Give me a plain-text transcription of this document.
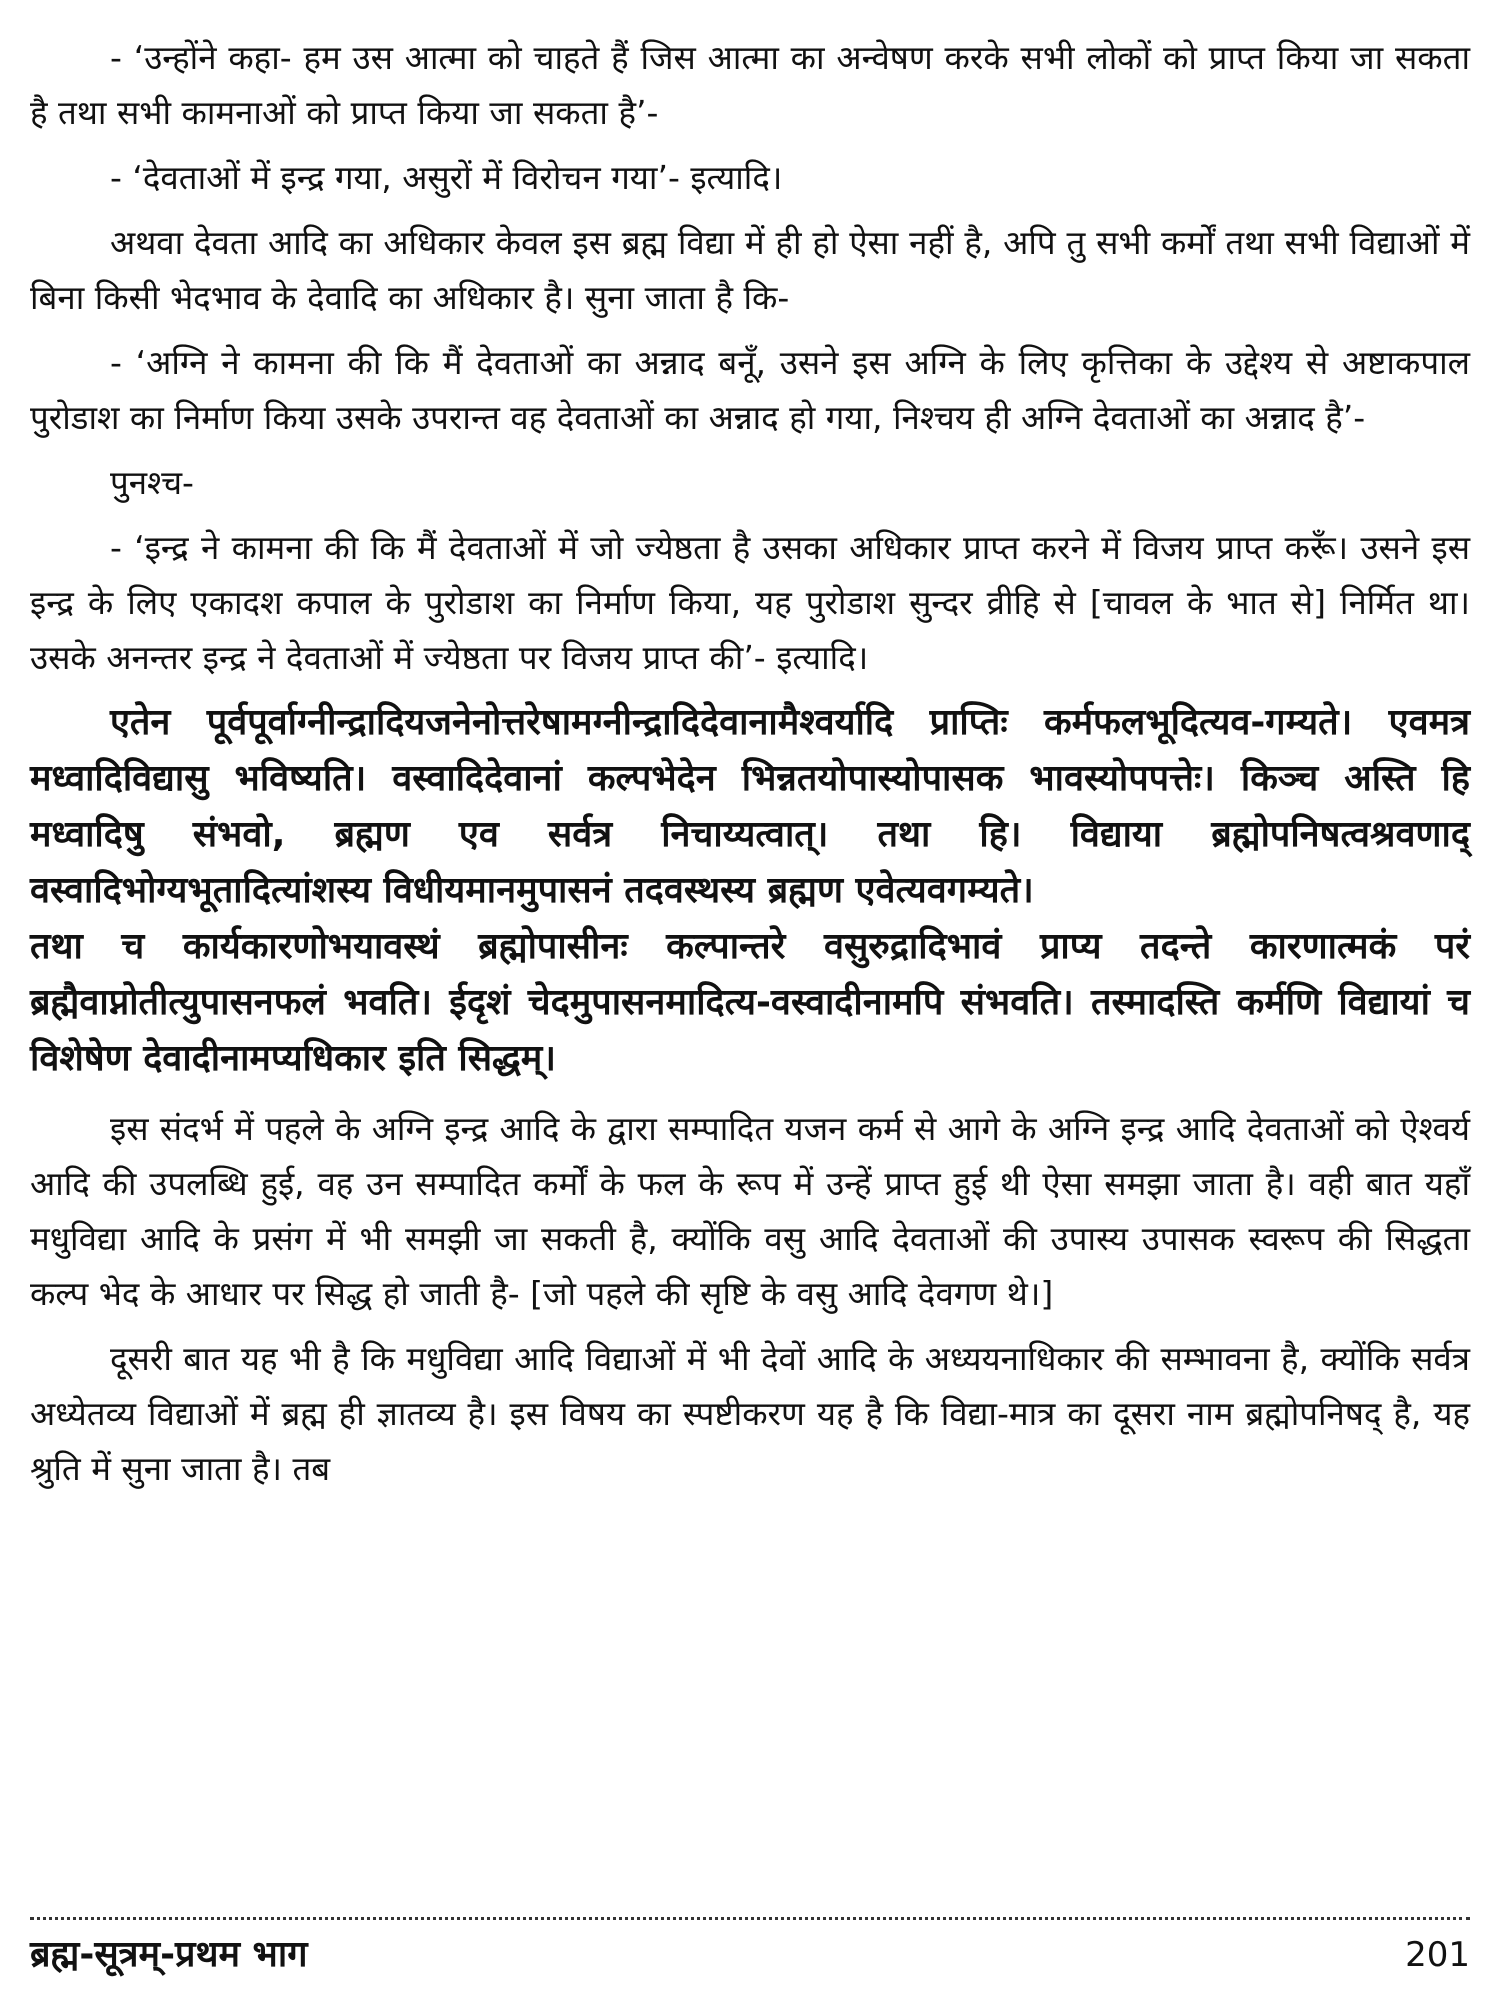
- ‘उन्होंने कहा- हम उस आत्मा को चाहते हैं जिस आत्मा का अन्वेषण करके सभी लोकों को प्राप्त किया जा सकता है तथा सभी कामनाओं को प्राप्त किया जा सकता है’-

- ‘देवताओं में इन्द्र गया, असुरों में विरोचन गया’- इत्यादि।

अथवा देवता आदि का अधिकार केवल इस ब्रह्म विद्या में ही हो ऐसा नहीं है, अपि तु सभी कर्मों तथा सभी विद्याओं में बिना किसी भेदभाव के देवादि का अधिकार है। सुना जाता है कि-

- ‘अग्नि ने कामना की कि मैं देवताओं का अन्नाद बनूँ, उसने इस अग्नि के लिए कृत्तिका के उद्देश्य से अष्टाकपाल पुरोडाश का निर्माण किया उसके उपरान्त वह देवताओं का अन्नाद हो गया, निश्चय ही अग्नि देवताओं का अन्नाद है’-

पुनश्च-

- ‘इन्द्र ने कामना की कि मैं देवताओं में जो ज्येष्ठता है उसका अधिकार प्राप्त करने में विजय प्राप्त करूँ। उसने इस इन्द्र के लिए एकादश कपाल के पुरोडाश का निर्माण किया, यह पुरोडाश सुन्दर व्रीहि से [चावल के भात से] निर्मित था। उसके अनन्तर इन्द्र ने देवताओं में ज्येष्ठता पर विजय प्राप्त की’- इत्यादि।

एतेन पूर्वपूर्वाग्नीन्द्रादियजनेनोत्तरेषामग्नीन्द्रादिदेवानामैश्वर्यादि प्राप्तिः कर्मफलभूदित्यव-गम्यते। एवमत्र मध्वादिविद्यासु भविष्यति। वस्वादिदेवानां कल्पभेदेन भिन्नतयोपास्योपासक भावस्योपपत्तेः। किञ्च अस्ति हि मध्वादिषु संभवो, ब्रह्मण एव सर्वत्र निचाय्यत्वात्। तथा हि। विद्याया ब्रह्मोपनिषत्वश्रवणाद् वस्वादिभोग्यभूतादित्यांशस्य विधीयमानमुपासनं तदवस्थस्य ब्रह्मण एवेत्यवगम्यते।

तथा च कार्यकारणोभयावस्थं ब्रह्मोपासीनः कल्पान्तरे वसुरुद्रादिभावं प्राप्य तदन्ते कारणात्मकं परं ब्रह्मैवाप्नोतीत्युपासनफलं भवति। ईदृशं चेदमुपासनमादित्य-वस्वादीनामपि संभवति। तस्मादस्ति कर्मणि विद्यायां च विशेषेण देवादीनामप्यधिकार इति सिद्धम्।

इस संदर्भ में पहले के अग्नि इन्द्र आदि के द्वारा सम्पादित यजन कर्म से आगे के अग्नि इन्द्र आदि देवताओं को ऐश्वर्य आदि की उपलब्धि हुई, वह उन सम्पादित कर्मों के फल के रूप में उन्हें प्राप्त हुई थी ऐसा समझा जाता है। वही बात यहाँ मधुविद्या आदि के प्रसंग में भी समझी जा सकती है, क्योंकि वसु आदि देवताओं की उपास्य उपासक स्वरूप की सिद्धता कल्प भेद के आधार पर सिद्ध हो जाती है- [जो पहले की सृष्टि के वसु आदि देवगण थे।]

दूसरी बात यह भी है कि मधुविद्या आदि विद्याओं में भी देवों आदि के अध्ययनाधिकार की सम्भावना है, क्योंकि सर्वत्र अध्येतव्य विद्याओं में ब्रह्म ही ज्ञातव्य है। इस विषय का स्पष्टीकरण यह है कि विद्या-मात्र का दूसरा नाम ब्रह्मोपनिषद् है, यह श्रुति में सुना जाता है। तब

ब्रह्म-सूत्रम्-प्रथम भाग	201
